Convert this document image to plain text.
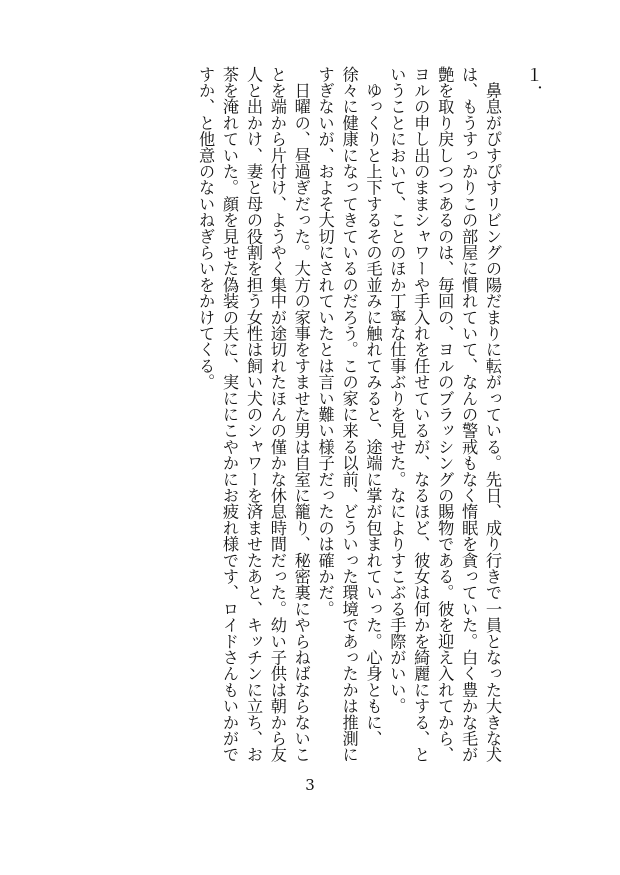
１．

　鼻息がぴすぴすリビングの陽だまりに転がっている。先日、成り行きで一員となった大きな犬は、もうすっかりこの部屋に慣れていて、なんの警戒もなく惰眠を貪っていた。白く豊かな毛が艶を取り戻しつつあるのは、毎回の、ヨルのブラッシングの賜物である。彼を迎え入れてから、ヨルの申し出のままシャワーや手入れを任せているが、なるほど、彼女は何かを綺麗にする、ということにおいて、ことのほか丁寧な仕事ぶりを見せた。なによりすこぶる手際がいい。

　ゆっくりと上下するその毛並みに触れてみると、途端に掌が包まれていった。心身ともに、徐々に健康になってきているのだろう。この家に来る以前、どういった環境であったかは推測にすぎないが、およそ大切にされていたとは言い難い様子だったのは確かだ。

　日曜の、昼過ぎだった。大方の家事をすませた男は自室に籠り、秘密裏にやらねばならないことを端から片付け、ようやく集中が途切れたほんの僅かな休息時間だった。幼い子供は朝から友人と出かけ、妻と母の役割を担う女性は飼い犬のシャワーを済ませたあと、キッチンに立ち、お茶を淹れていた。顔を見せた偽装の夫に、実ににこやかにお疲れ様です、ロイドさんもいかがですか、と他意のないねぎらいをかけてくる。

3
